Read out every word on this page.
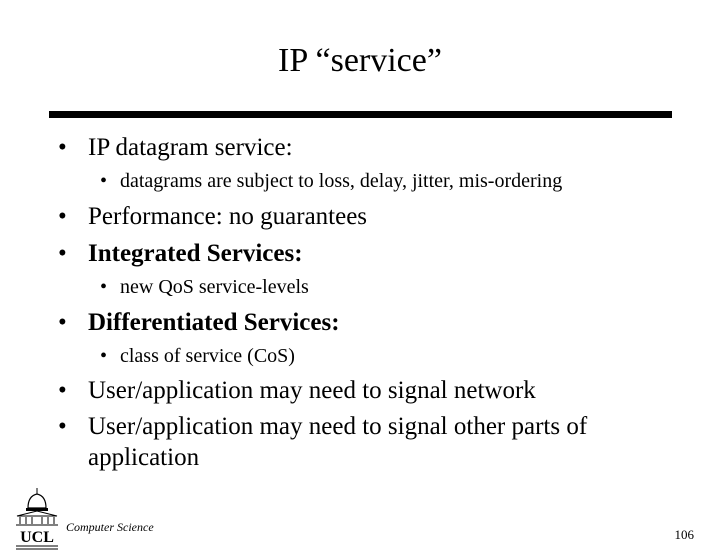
IP “service”
• IP datagram service:
• datagrams are subject to loss, delay, jitter, mis-ordering
• Performance: no guarantees
• Integrated Services:
• new QoS service-levels
• Differentiated Services:
• class of service (CoS)
• User/application may need to signal network
• User/application may need to signal other parts of
application
UCL
Computer Science	106
